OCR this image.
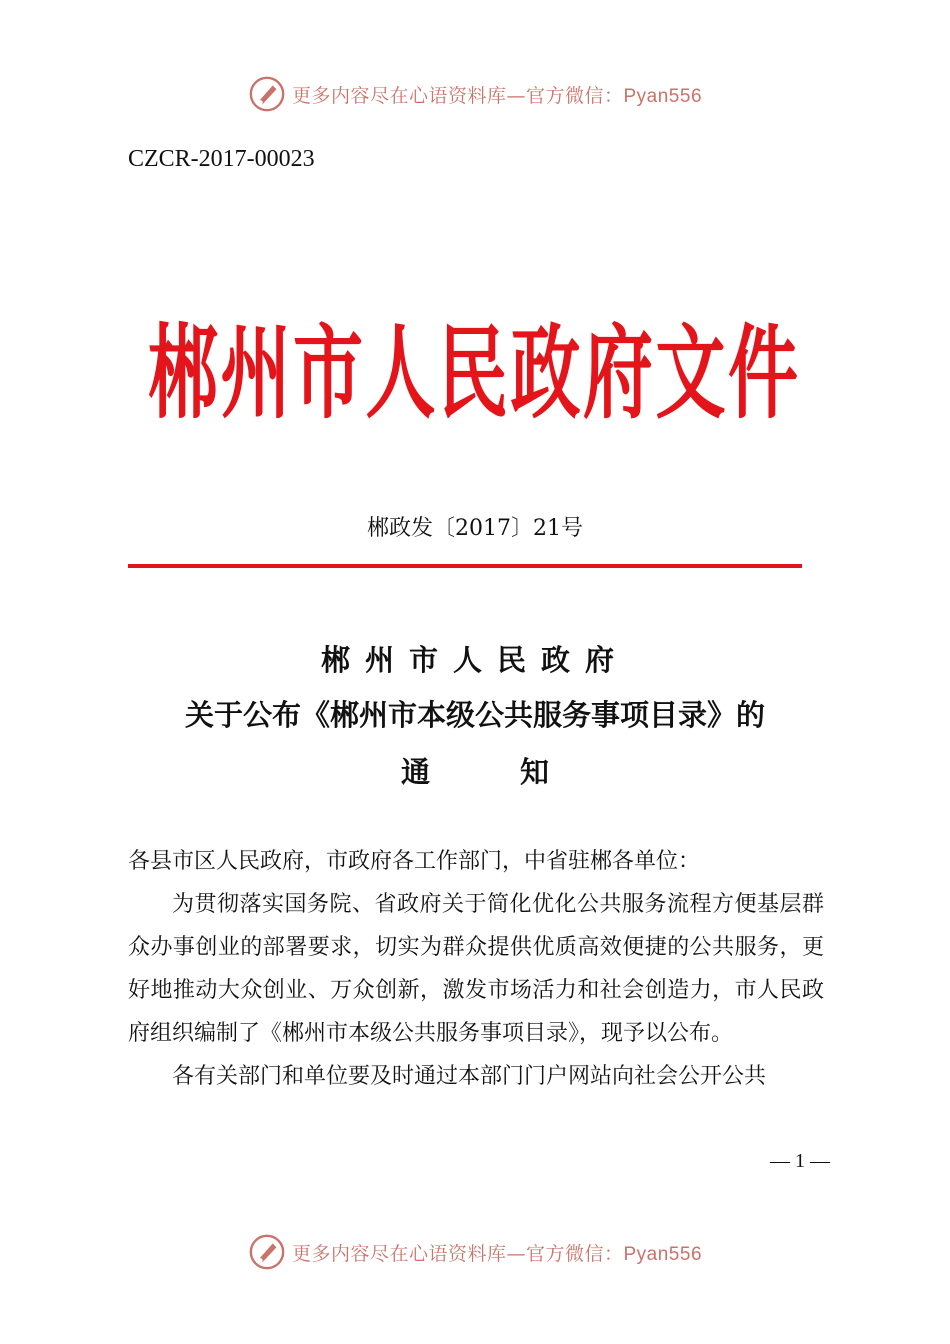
更多内容尽在心语资料库—官方微信：Pyan556
CZCR-2017-00023
郴 州 市 人 民 政 府 文 件
郴政发〔2017〕21号
郴州市人民政府
关于公布《郴州市本级公共服务事项目录》的
通	知

各县市区人民政府，市政府各工作部门，中省驻郴各单位：

为贯彻落实国务院、省政府关于简化优化公共服务流程方便基层群众办事创业的部署要求，切实为群众提供优质高效便捷的公共服务，更好地推动大众创业、万众创新，激发市场活力和社会创造力，市人民政府组织编制了《郴州市本级公共服务事项目录》，现予以公布。

各有关部门和单位要及时通过本部门门户网站向社会公开公共

— 1 —
更多内容尽在心语资料库—官方微信：Pyan556
